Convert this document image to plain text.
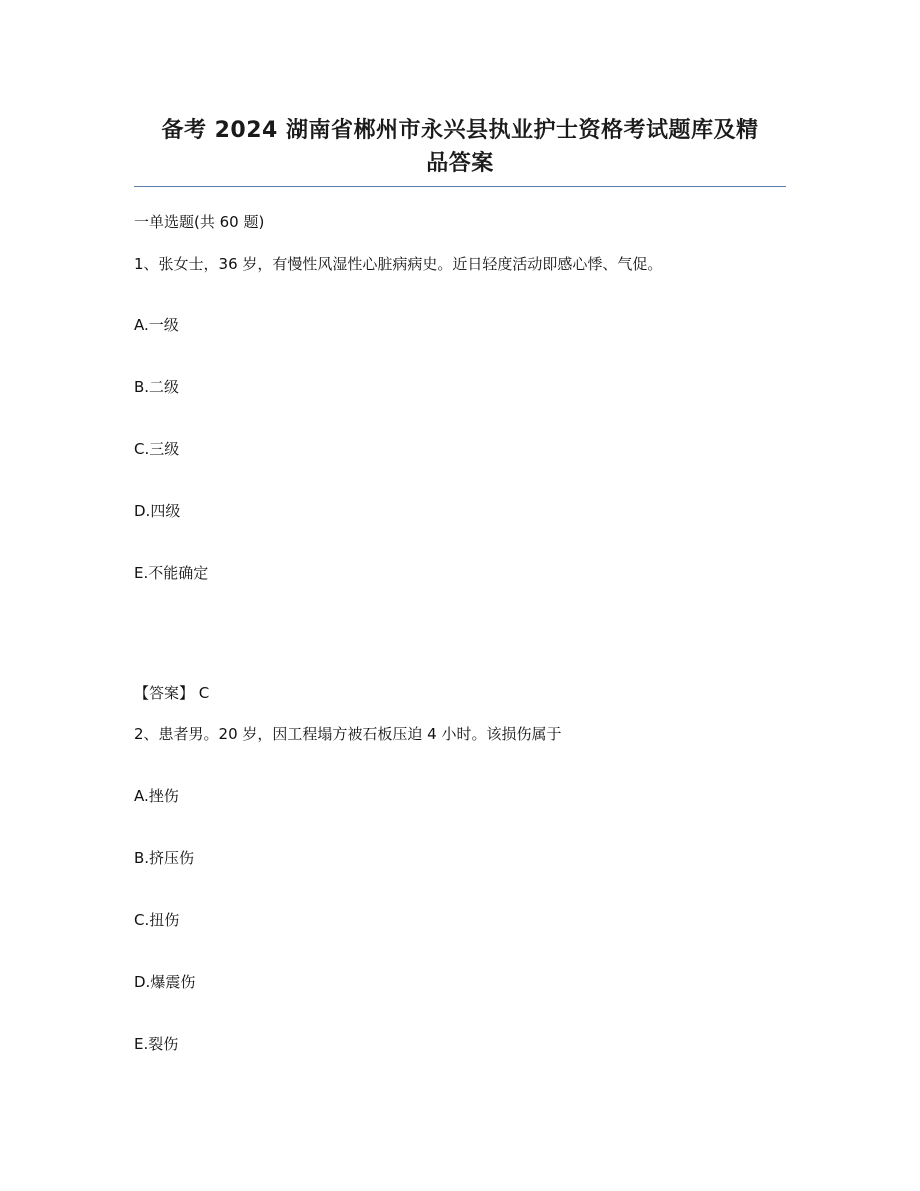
备考 2024 湖南省郴州市永兴县执业护士资格考试题库及精
品答案
一单选题(共 60 题)
1、张女士，36 岁，有慢性风湿性心脏病病史。近日轻度活动即感心悸、气促。
A.一级
B.二级
C.三级
D.四级
E.不能确定
【答案】 C
2、患者男。20 岁，因工程塌方被石板压迫 4 小时。该损伤属于
A.挫伤
B.挤压伤
C.扭伤
D.爆震伤
E.裂伤
